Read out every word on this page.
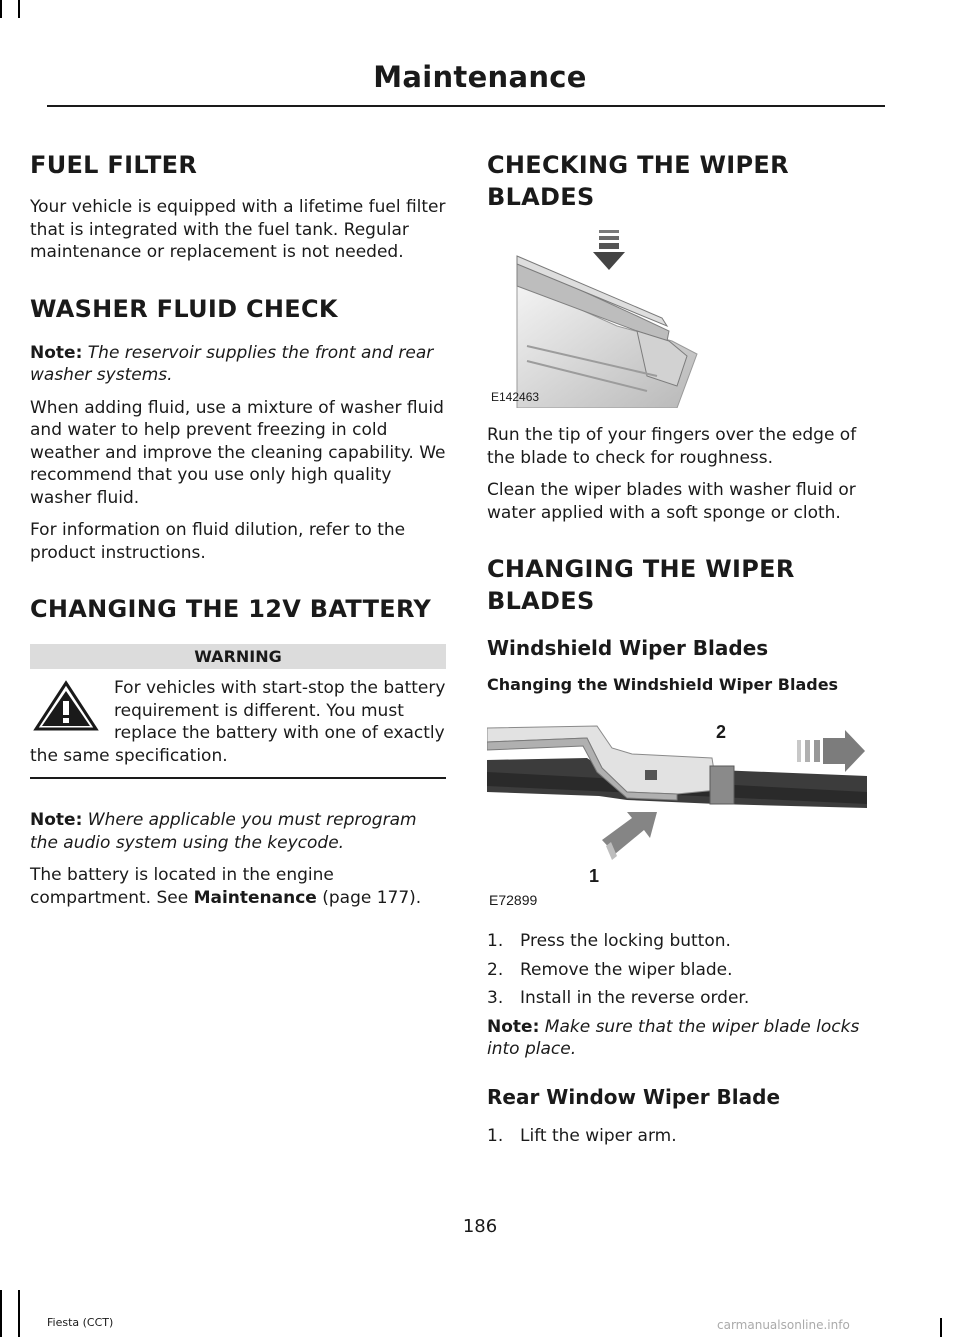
Maintenance
FUEL FILTER

Your vehicle is equipped with a lifetime fuel filter that is integrated with the fuel tank. Regular maintenance or replacement is not needed.

WASHER FLUID CHECK

Note: The reservoir supplies the front and rear washer systems.

When adding fluid, use a mixture of washer fluid and water to help prevent freezing in cold weather and improve the cleaning capability. We recommend that you use only high quality washer fluid.

For information on fluid dilution, refer to the product instructions.

CHANGING THE 12V BATTERY
WARNING

For vehicles with start-stop the battery requirement is different. You must replace the battery with one of exactly the same specification.

Note: Where applicable you must reprogram the audio system using the keycode.

The battery is located in the engine compartment. See Maintenance (page 177).

CHECKING THE WIPER
BLADES
E142463

Run the tip of your fingers over the edge of the blade to check for roughness.

Clean the wiper blades with washer fluid or water applied with a soft sponge or cloth.

CHANGING THE WIPER
BLADES
Windshield Wiper Blades
Changing the Windshield Wiper Blades
2
1
E72899
1. Press the locking button.
2. Remove the wiper blade.
3. Install in the reverse order.

Note: Make sure that the wiper blade locks into place.

Rear Window Wiper Blade
1. Lift the wiper arm.
186
Fiesta (CCT)	carmanualsonline.info
